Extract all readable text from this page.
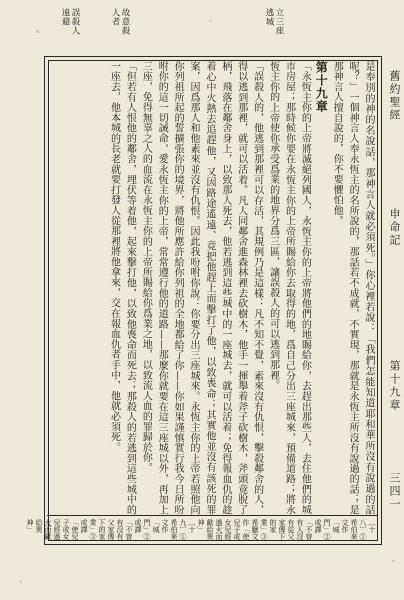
立三座
逃城
故意殺
人者
誤殺人
遠避

是奉別的神的名說話，那神言人就必須死。」你心裡若說：「我們怎能知道耶和華所沒有說過的話呢？」一個神言人奉永恆主的名所說的，那話若不成就，不實現，那就是永恆主所沒有說過的話；是那神言人擅自說的，你不要懼怕他。

第十九章

「永恆主你的上帝將滅絕列國人，永恆主你的上帝將他們的地賜給你，去趕出那些人，去住他們的城市房屋；那時候你要在永恆主你的上帝所賜給你去取得的地，爲自己分出三座城來，預備道路；將永恆主你的上帝使你承受爲業的地界分爲三區，讓誤殺人的可以逃到那裡。

「誤殺人的，他逃到那裡可以存活，其規例乃是這樣：凡不知不覺，素來沒有仇恨，擊殺鄰舍的人，得以逃到那裡，就可以活着。凡人同鄰舍進森林裡去砍樹木，他手一揮舉着斧子砍樹木，斧頭竟脫了柄，飛落在鄰舍身上，以致那人死去，他若逃到這些城中的一座城去，就可以活着；免得報血仇的趁着心中火熱去追趕他，又因路途遙遠、竟把他趕上而擊打了他，以致喪命；其實他並沒有該死的罪案，因爲那人和他素來並沒有仇恨。因此我吩咐你說：你要分出三座城來。永恆主你的上帝若照他向你列祖所起的誓擴張你的境界，將他所應許給你列祖的全地都給了你——你如果謹慎實行我今日所吩咐你的這一切誡命，愛永恆主你的上帝，常常遵行他的道路——那麼你就要在這三座城以外，再加上三座，免得無辜之人的血流在永恆主你的上帝所賜給你爲業之地，以致流人血的罪歸於你。

「但若有人恨他的鄰舍，埋伏等着他，起來擊打他，以致他喪命而死去；那殺人的若逃到這些城中的一座去，他本城的長老就要打發人從那裡將他拿來，交在報血仇者手中，他就必須死。

〔十八〕①希伯來文作「城門」②或譯「不曾有人沒有從父家傳下的家業」③希臘文作「使兒子或女兒經過火而獻給異神」
〔十九〕①希伯來文作「城門」②或譯「不曾有沒有父家傳下的家業」③或譯「使兒子或女兒經過火而獻給異神」
舊約聖經
申命記
第十九章
三四一
